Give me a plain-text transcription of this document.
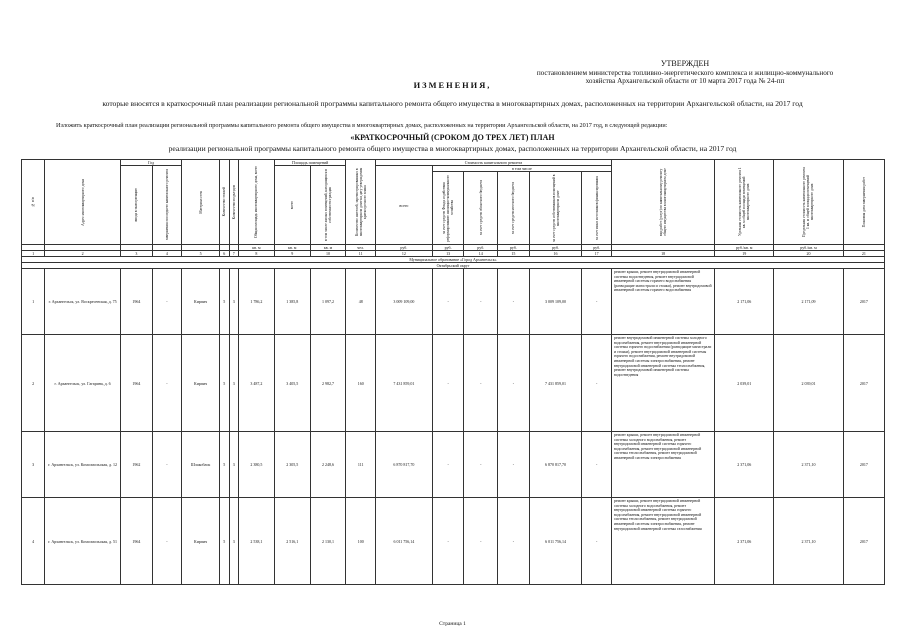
УТВЕРЖДЕН
постановлением министерства топливно-энергетического комплекса и жилищно-коммунального
хозяйства Архангельской области от 10 марта 2017 года № 24-пп
ИЗМЕНЕНИЯ,
которые вносятся в краткосрочный план реализации региональной программы капитального ремонта общего имущества в многоквартирных домах, расположенных на территории Архангельской области, на 2017 год
Изложить краткосрочный план реализации региональной программы капитального ремонта общего имущества в многоквартирных домах, расположенных на территории Архангельской области, на 2017 год, в следующей редакции:
«КРАТКОСРОЧНЫЙ (СРОКОМ ДО ТРЕХ ЛЕТ) ПЛАН
реализации региональной программы капитального ремонта общего имущества в многоквартирных домах, расположенных на территории Архангельской области, на 2017 год
№ п/п	Адрес многоквартирного дома	Год		Материал стен	Количество этажей	Количество подъездов	Общая площадь многоквартирного дома, всего	Площадь помещений		Количество жителей, зарегистрированных в многоквартирном доме на дату утверждения краткосрочного плана	Стоимость капитального ремонта						вид работ (услуг) по капитальному ремонту общего имущества в многоквартирном доме	Удельная стоимость капитального ремонта 1 кв. м общей площади помещений многоквартирного дома	Предельная стоимость капитального ремонта 1 кв. м общей площади помещений многоквартирного дома	Плановая дата завершения работ

		ввода в эксплуатацию	завершения последнего капитального ремонта					всего	в том числе жилых помещений, находящихся в собственности граждан		всего	в том числе								

												за счет средств Фонда содействия реформированию жилищно-коммунального хозяйства	за счет средств областного бюджета	за счет средств местного бюджета	за счет средств собственников помещений в многоквартирном доме	за счет иных источников финансирования				

							кв. м	кв. м	кв. м	чел.	руб.	руб.	руб.	руб.	руб.	руб.		руб./кв. м	руб./кв. м	
1	2	3	4	5	6	7	8	9	10	11	12	13	14	15	16	17	18	19	20	21
Муниципальное образование «Город Архангельск»																				
Октябрьский округ																				
1	г. Архангельск, ул. Воскресенская, д. 75	1964	-	Кирпич	5	3	1 786,2	1 385,8	1 097,2	48	3 009 109,00	-	-	-	3 009 109,00	-	ремонт крыши, ремонт внутридомовой инженерной системы водоотведения, ремонт внутридомовой инженерной системы горячего водоснабжения (разводящие магистрали и стояки), ремонт внутридомовой инженерной системы горячего водоснабжения	2 171,06	2 171,09	2017
2	г. Архангельск, ул. Гагарина, д. 6	1964	-	Кирпич	5	3	3 487,2	3 405,5	2 982,7	160	7 431 859,01	-	-	-	7 431 859,01	-	ремонт внутридомовой инженерной системы холодного водоснабжения, ремонт внутридомовой инженерной системы горячего водоснабжения (разводящие магистрали и стояки), ремонт внутридомовой инженерной системы горячего водоснабжения, ремонт внутридомовой инженерной системы электроснабжения, ремонт внутридомовой инженерной системы теплоснабжения, ремонт внутридомовой инженерной системы водоотведения	2 039,01	2 039,01	2017
3	г. Архангельск, ул. Комсомольская, д. 12	1962	-	Шлакоблок	5	3	2 380,5	2 305,5	2 248,6	111	6 870 817,70	-	-	-	6 870 817,70	-	ремонт крыши, ремонт внутридомовой инженерной системы холодного водоснабжения, ремонт внутридомовой инженерной системы горячего водоснабжения, ремонт внутридомовой инженерной системы теплоснабжения, ремонт внутридомовой инженерной системы электроснабжения	2 371,06	2 371,10	2017
4	г. Архангельск, ул. Комсомольская, д. 51	1964	-	Кирпич	5	3	2 538,1	2 516,1	2 130,1	100	6 011 756,14	-	-	-	6 011 756,14	-	ремонт крыши, ремонт внутридомовой инженерной системы холодного водоснабжения, ремонт внутридомовой инженерной системы горячего водоснабжения, ремонт внутридомовой инженерной системы теплоснабжения, ремонт внутридомовой инженерной системы электроснабжения, ремонт внутридомовой инженерной системы газоснабжения	2 371,06	2 371,10	2017
Страница 1
